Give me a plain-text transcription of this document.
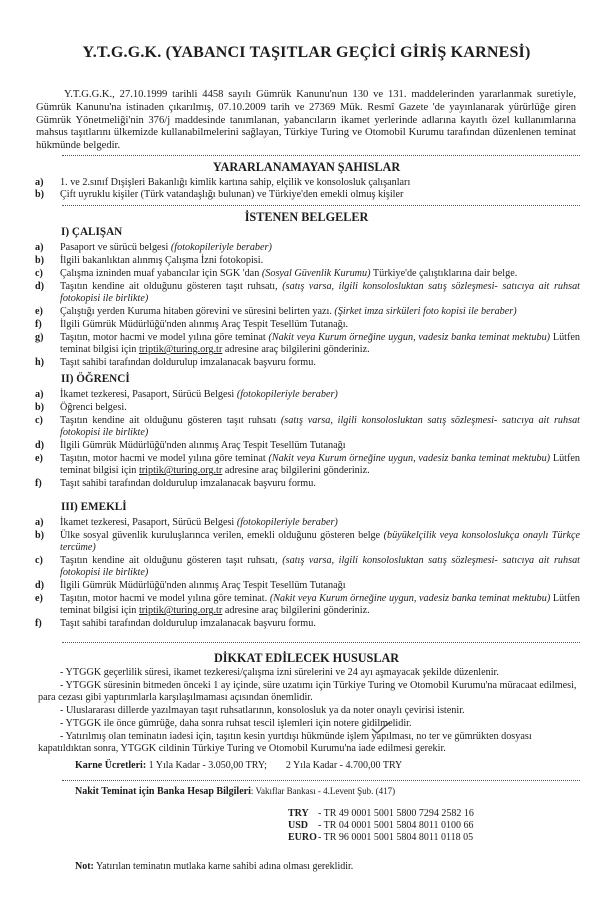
Y.T.G.G.K. (YABANCI TAŞITLAR GEÇİCİ GİRİŞ KARNESİ)
Y.T.G.G.K., 27.10.1999 tarihli 4458 sayılı Gümrük Kanunu'nun 130 ve 131. maddelerinden yararlanmak suretiyle, Gümrük Kanunu'na istinaden çıkarılmış, 07.10.2009 tarih ve 27369 Mük. Resmî Gazete 'de yayınlanarak yürürlüğe giren Gümrük Yönetmeliği'nin 376/j maddesinde tanımlanan, yabancıların ikamet yerlerinde adlarına kayıtlı özel kullanımlarına mahsus taşıtlarını ülkemizde kullanabilmelerini sağlayan, Türkiye Turing ve Otomobil Kurumu tarafından düzenlenen teminat hükmünde belgedir.
YARARLANAMAYAN ŞAHISLAR
a) 1. ve 2.sınıf Dışişleri Bakanlığı kimlik kartına sahip, elçilik ve konsolosluk çalışanları
b) Çift uyruklu kişiler (Türk vatandaşlığı bulunan) ve Türkiye'den emekli olmuş kişiler
İSTENEN BELGELER
I) ÇALIŞAN
a) Pasaport ve sürücü belgesi (fotokopileriyle beraber)
b) İlgili bakanlıktan alınmış Çalışma İzni fotokopisi.
c) Çalışma izninden muaf yabancılar için SGK 'dan (Sosyal Güvenlik Kurumu) Türkiye'de çalıştıklarına dair belge.
d) Taşıtın kendine ait olduğunu gösteren taşıt ruhsatı, (satış varsa, ilgili konsolosluktan satış sözleşmesi- satıcıya ait ruhsat fotokopisi ile birlikte)
e) Çalıştığı yerden Kuruma hitaben görevini ve süresini belirten yazı. (Şirket imza sirküleri foto kopisi ile beraber)
f) İlgili Gümrük Müdürlüğü'nden alınmış Araç Tespit Tesellüm Tutanağı.
g) Taşıtın, motor hacmi ve model yılına göre teminat (Nakit veya Kurum örneğine uygun, vadesiz banka teminat mektubu) Lütfen teminat bilgisi için triptik@turing.org.tr adresine araç bilgilerini gönderiniz.
h) Taşıt sahibi tarafından doldurulup imzalanacak başvuru formu.
II) ÖĞRENCİ
a) İkamet tezkeresi, Pasaport, Sürücü Belgesi (fotokopileriyle beraber)
b) Öğrenci belgesi.
c) Taşıtın kendine ait olduğunu gösteren taşıt ruhsatı (satış varsa, ilgili konsolosluktan satış sözleşmesi- satıcıya ait ruhsat fotokopisi ile birlikte)
d) İlgili Gümrük Müdürlüğü'nden alınmış Araç Tespit Tesellüm Tutanağı
e) Taşıtın, motor hacmi ve model yılına göre teminat (Nakit veya Kurum örneğine uygun, vadesiz banka teminat mektubu) Lütfen teminat bilgisi için triptik@turing.org.tr adresine araç bilgilerini gönderiniz.
f) Taşıt sahibi tarafından doldurulup imzalanacak başvuru formu.
III) EMEKLİ
a) İkamet tezkeresi, Pasaport, Sürücü Belgesi (fotokopileriyle beraber)
b) Ülke sosyal güvenlik kuruluşlarınca verilen, emekli olduğunu gösteren belge (büyükelçilik veya konsoloslukça onaylı Türkçe tercüme)
c) Taşıtın kendine ait olduğunu gösteren taşıt ruhsatı, (satış varsa, ilgili konsolosluktan satış sözleşmesi- satıcıya ait ruhsat fotokopisi ile birlikte)
d) İlgili Gümrük Müdürlüğü'nden alınmış Araç Tespit Tesellüm Tutanağı
e) Taşıtın, motor hacmi ve model yılına göre teminat. (Nakit veya Kurum örneğine uygun, vadesiz banka teminat mektubu) Lütfen teminat bilgisi için triptik@turing.org.tr adresine araç bilgilerini gönderiniz.
f) Taşıt sahibi tarafından doldurulup imzalanacak başvuru formu.
DİKKAT EDİLECEK HUSUSLAR
- YTGGK geçerlilik süresi, ikamet tezkeresi/çalışma izni sürelerini ve 24 ayı aşmayacak şekilde düzenlenir.
- YTGGK süresinin bitmeden önceki 1 ay içinde, süre uzatımı için Türkiye Turing ve Otomobil Kurumu'na müracaat edilmesi, para cezası gibi yaptırımlarla karşılaşılmaması açısından önemlidir.
- Uluslararası dillerde yazılmayan taşıt ruhsatlarının, konsolosluk ya da noter onaylı çevirisi istenir.
- YTGGK ile önce gümrüğe, daha sonra ruhsat tescil işlemleri için notere gidilmelidir.
- Yatırılmış olan teminatın iadesi için, taşıtın kesin yurtdışı hükmünde işlem yapılması, no ter ve gümrükten dosyası kapatıldıktan sonra, YTGGK cildinin Türkiye Turing ve Otomobil Kurumu'na iade edilmesi gerekir.
Karne Ücretleri: 1 Yıla Kadar - 3.050,00 TRY; 2 Yıla Kadar - 4.700,00 TRY
Nakit Teminat için Banka Hesap Bilgileri: Vakıflar Bankası - 4.Levent Şub. (417)
TRY - TR 49 0001 5001 5800 7294 2582 16
USD - TR 04 0001 5001 5804 8011 0100 66
EURO- TR 96 0001 5001 5804 8011 0118 05
Not: Yatırılan teminatın mutlaka karne sahibi adına olması gereklidir.
